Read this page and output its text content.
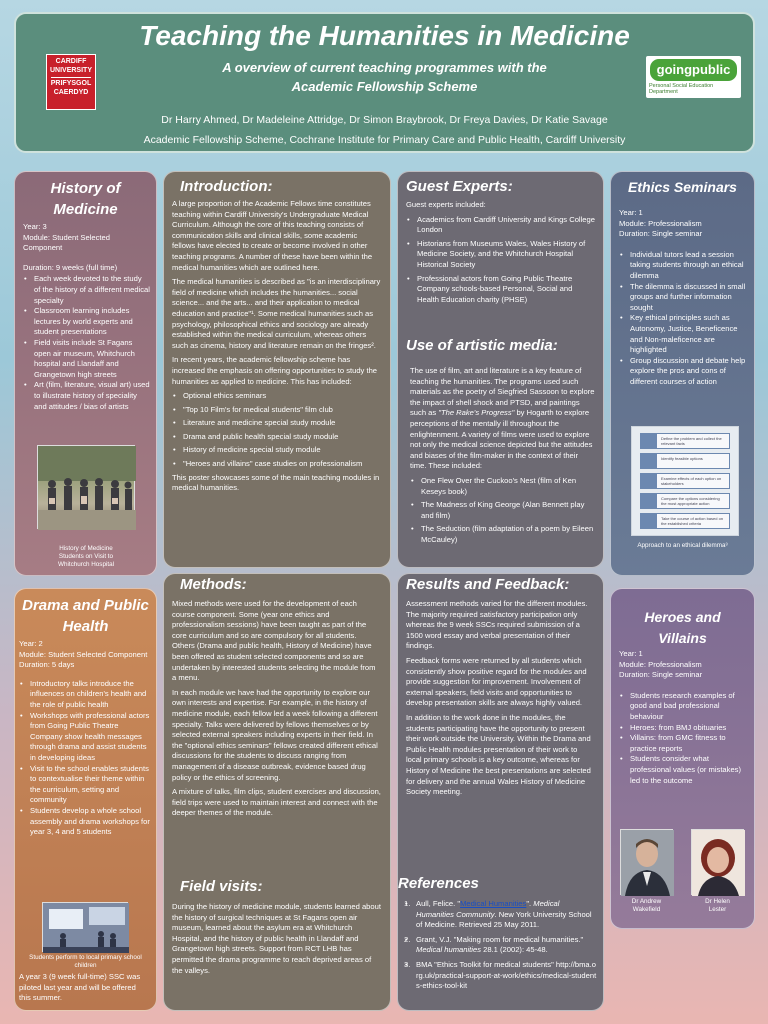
Teaching the Humanities in Medicine
A overview of current teaching programmes with the
Academic Fellowship Scheme
Dr Harry Ahmed, Dr Madeleine Attridge, Dr Simon Braybrook, Dr Freya Davies, Dr Katie Savage
Academic Fellowship Scheme, Cochrane Institute for Primary Care and Public Health, Cardiff University
CARDIFF
UNIVERSITY
PRIFYSGOL
CAERDYD
goingpublic
Personal Social Education Department
History of
Medicine
Year: 3
Module: Student Selected Component
Duration: 9 weeks (full time)
• Each week devoted to the study of the history of a different medical specialty
• Classroom learning includes lectures by world experts and student presentations
• Field visits include St Fagans open air museum, Whitchurch hospital and Llandaff and Grangetown high streets
• Art (film, literature, visual art) used to illustrate history of speciality and attitudes / bias of artists
History of Medicine
Students on Visit to
Whitchurch Hospital
Introduction:

A large proportion of the Academic Fellows time constitutes teaching within Cardiff University's Undergraduate Medical Curriculum. Although the core of this teaching consists of communication skills and clinical skills, some academic fellows have elected to create or become involved in other teaching programs. A number of these have been within the medical humanities which are outlined here.

The medical humanities is described as "is an interdisciplinary field of medicine which includes the humanities... social science... and the arts... and their application to medical education and practice"¹. Some medical humanities such as psychology, philosophical ethics and sociology are already established within the medical curriculum, whereas others such as cinema, history and literature remain on the fringes².

In recent years, the academic fellowship scheme has increased the emphasis on offering opportunities to study the humanities as applied to medicine. This has included:

• Optional ethics seminars
• "Top 10 Film's for medical students" film club
• Literature and medicine special study module
• Drama and public health special study module
• History of medicine special study module
• "Heroes and villains" case studies on professionalism

This poster showcases some of the main teaching modules in medical humanities.

Guest Experts:

Guest experts included:

• Academics from Cardiff University and Kings College London
• Historians from Museums Wales, Wales History of Medicine Society, and the Whitchurch Hospital Historical Society
• Professional actors from Going Public Theatre Company schools-based Personal, Social and Health Education charity (PHSE)
Use of artistic media:

The use of film, art and literature is a key feature of teaching the humanities. The programs used such materials as the poetry of Siegfried Sassoon to explore the impact of shell shock and PTSD, and paintings such as "The Rake's Progress" by Hogarth to explore perceptions of the mentally ill throughout the enlightenment. A variety of films were used to explore not only the medical science depicted but the attitudes and biases of the film-maker in the context of their time. These included:

• One Flew Over the Cuckoo's Nest (film of Ken Keseys book)
• The Madness of King George (Alan Bennett play and film)
• The Seduction (film adaptation of a poem by Eileen McCauley)
Ethics Seminars
Year: 1
Module: Professionalism
Duration: Single seminar
• Individual tutors lead a session taking students through an ethical dilemma
• The dilemma is discussed in small groups and further information sought
• Key ethical principles such as Autonomy, Justice, Beneficence and Non-maleficence are highlighted
• Group discussion and debate help explore the pros and cons of different courses of action
Define the problem and collect the relevant facts
Identify feasible options
Examine effects of each option on stakeholders
Compare the options considering the most appropriate action
Take the course of action based on the established criteria
Approach to an ethical dilemma³
Drama and Public
Health
Year: 2
Module: Student Selected Component
Duration: 5 days
• Introductory talks introduce the influences on children's health and the role of public health
• Workshops with professional actors from Going Public Theatre Company show health messages through drama and assist students in developing ideas
• Visit to the school enables students to contextualise their theme within the curriculum, setting and community
• Students develop a whole school assembly and drama workshops for year 3, 4 and 5 students
Students perform to local primary school
children
A year 3 (9 week full-time) SSC was piloted last year and will be offered this summer.
Methods:

Mixed methods were used for the development of each course component. Some (year one ethics and professionalism sessions) have been taught as part of the core curriculum and so are compulsory for all students. Others (Drama and public health, History of Medicine) have been offered as student selected components and so are undertaken by interested students selecting the module from a menu.

In each module we have had the opportunity to explore our own interests and expertise. For example, in the history of medicine module, each fellow led a week following a different specialty. Talks were delivered by fellows themselves or by selected external speakers including experts in their field. In the "optional ethics seminars" fellows created different ethical discussions for the students to discuss ranging from management of a disease outbreak, evidence based drug policy or the ethics of screening.

A mixture of talks, film clips, student exercises and discussion, field trips were used to maintain interest and connect with the deeper themes of the module.

Field visits:
During the history of medicine module, students learned about the history of surgical techniques at St Fagans open air museum, learned about the asylum era at Whitchurch Hospital, and the history of public health in Llandaff and Grangetown high streets. Support from RCT LHB has permitted the drama programme to reach deprived areas of the valleys.
Results and Feedback:

Assessment methods varied for the different modules. The majority required satisfactory participation only whereas the 9 week SSCs required submission of a 1500 word essay and verbal presentation of their findings.

Feedback forms were returned by all students which consistently show positive regard for the modules and provide suggestion for improvement. Involvement of external speakers, field visits and opportunities to develop presentation skills are always highly valued.

In addition to the work done in the modules, the students participating have the opportunity to present their work outside the University. Within the Drama and Public Health modules presentation of their work to local primary schools is a key outcome, whereas for History of Medicine the best presentations are selected for delivery and the annual Wales History of Medicine Society meeting.

References
• 1. Aull, Felice. "Medical Humanities". Medical Humanities Community. New York University School of Medicine. Retrieved 25 May 2011.
• 2. Grant, V.J. "Making room for medical humanities." Medical humanities 28.1 (2002): 45-48.
• 3. BMA "Ethics Toolkit for medical students" http://bma.org.uk/practical-support-at-work/ethics/medical-students-ethics-tool-kit
Heroes and
Villains
Year: 1
Module: Professionalism
Duration: Single seminar
• Students research examples of good and bad professional behaviour
• Heroes: from BMJ obituaries
• Villains: from GMC fitness to practice reports
• Students consider what professional values (or mistakes) led to the outcome
Dr Andrew
Wakefield
Dr Helen
Lester
